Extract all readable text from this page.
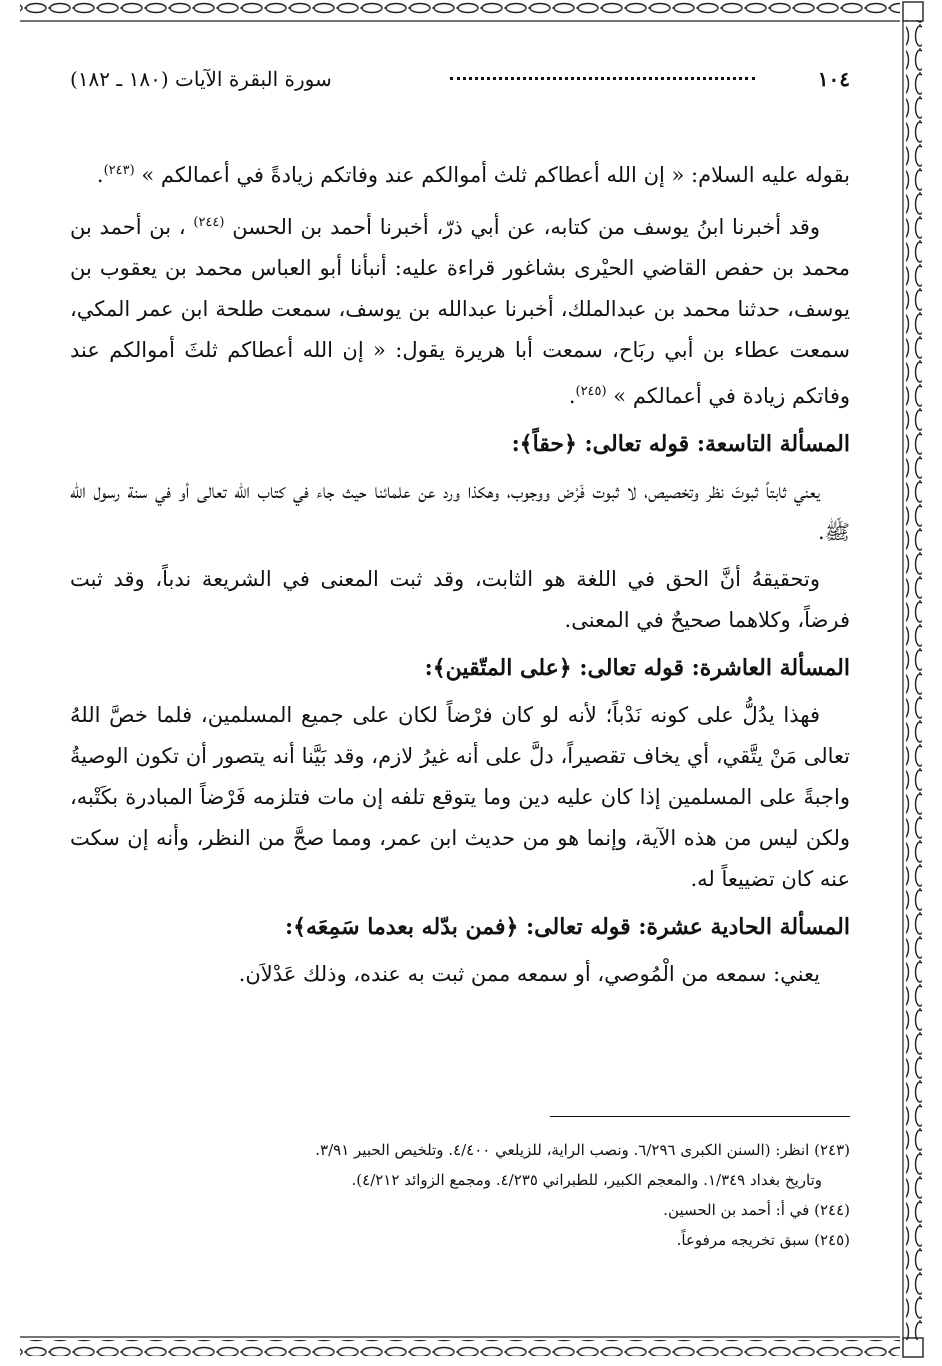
١٠٤
سورة البقرة الآيات (١٨٠ ـ ١٨٢)

بقوله عليه السلام: « إن الله أعطاكم ثلث أموالكم عند وفاتكم زيادةً في أعمالكم » $^{(٢٤٣)}$.

وقد أخبرنا ابنُ يوسف من كتابه، عن أبي ذرّ، أخبرنا أحمد بن الحسن $^{(٢٤٤)}$ ، بن أحمد بن محمد بن حفص القاضي الحيْرى بشاغور قراءة عليه: أنبأنا أبو العباس محمد بن يعقوب بن يوسف، حدثنا محمد بن عبدالملك، أخبرنا عبدالله بن يوسف، سمعت طلحة ابن عمر المكي، سمعت عطاء بن أبي ربَاح، سمعت أبا هريرة يقول: « إن الله أعطاكم ثلثَ أموالكم عند وفاتكم زيادة في أعمالكم » $^{(٢٤٥)}$.

المسألة التاسعة: قوله تعالى: ﴿حقاً﴾:

يعني ثابتاً ثبوتَ نظر وتخصيص، لا ثبوت فَرْض ووجوب، وهكذا ورد عن علمائنا حيث جاء في كتاب الله تعالى أو في سنة رسول الله ﷺ.

وتحقيقهُ أنَّ الحق في اللغة هو الثابت، وقد ثبت المعنى في الشريعة ندباً، وقد ثبت فرضاً، وكلاهما صحيحٌ في المعنى.

المسألة العاشرة: قوله تعالى: ﴿على المتّقين﴾:

فهذا يدُلُّ على كونه نَدْباً؛ لأنه لو كان فرْضاً لكان على جميع المسلمين، فلما خصَّ اللهُ تعالى مَنْ يتَّقي، أي يخاف تقصيراً، دلَّ على أنه غيرُ لازم، وقد بَيَّنا أنه يتصور أن تكون الوصيةُ واجبةً على المسلمين إذا كان عليه دين وما يتوقع تلفه إن مات فتلزمه فَرْضاً المبادرة بكَتْبه، ولكن ليس من هذه الآية، وإنما هو من حديث ابن عمر، ومما صحَّ من النظر، وأنه إن سكت عنه كان تضييعاً له.

المسألة الحادية عشرة: قوله تعالى: ﴿فمن بدّله بعدما سَمِعَه﴾:

يعني: سمعه من الْمُوصي، أو سمعه ممن ثبت به عنده، وذلك عَدْلاَن.

(٢٤٣) انظر: (السنن الكبرى ٦/٢٩٦. ونصب الراية، للزيلعي ٤/٤٠٠. وتلخيص الحبير ٣/٩١.

وتاريخ بغداد ١/٣٤٩. والمعجم الكبير، للطبراني ٤/٢٣٥. ومجمع الزوائد ٤/٢١٢).

(٢٤٤) في أ: أحمد بن الحسين.

(٢٤٥) سبق تخريجه مرفوعاً.
